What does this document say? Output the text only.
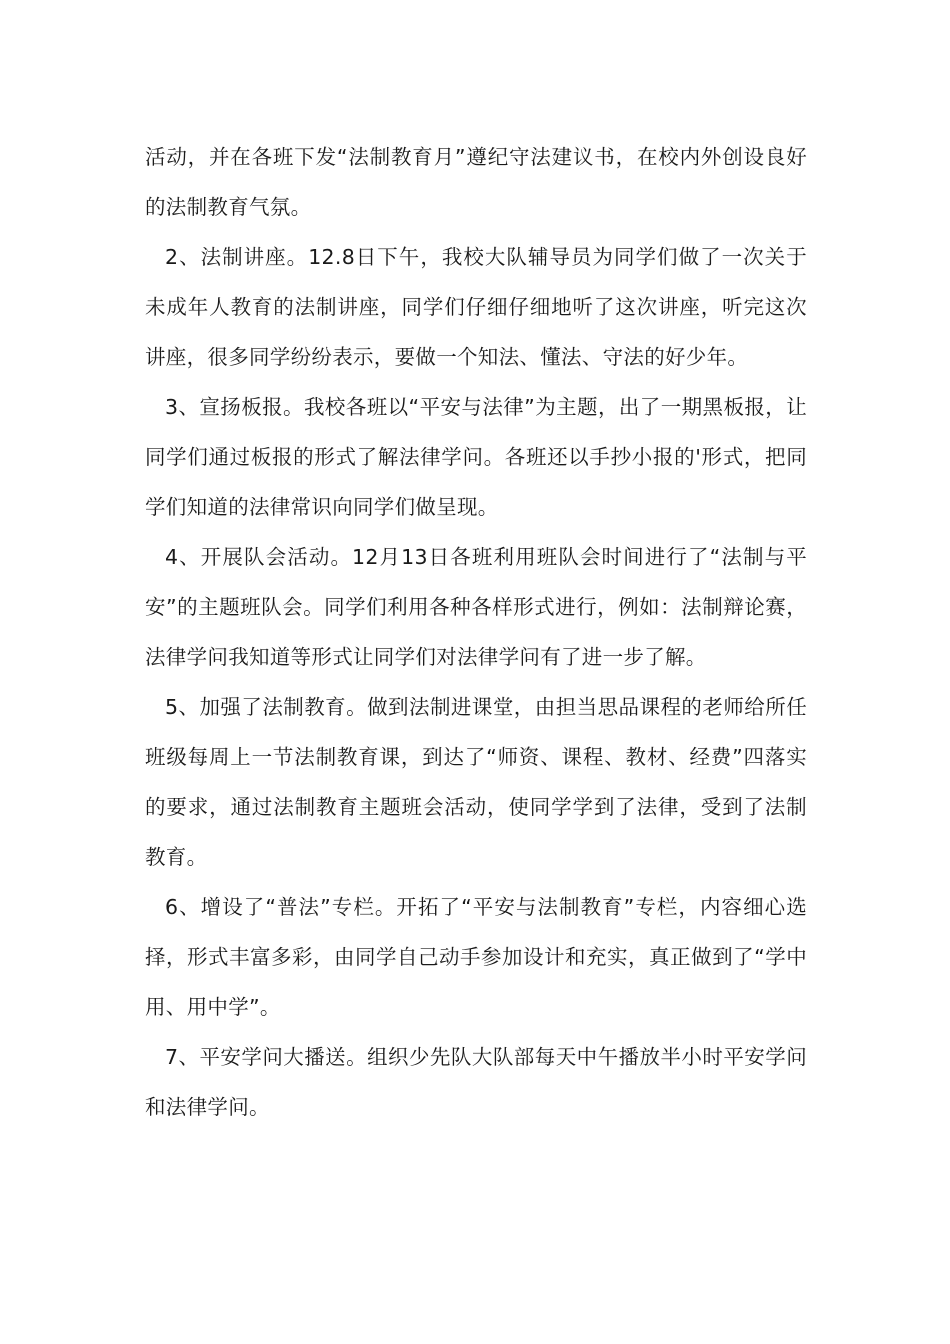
活动，并在各班下发“法制教育月”遵纪守法建议书，在校内外创设良好的法制教育气氛。

2、法制讲座。12.8日下午，我校大队辅导员为同学们做了一次关于未成年人教育的法制讲座，同学们仔细仔细地听了这次讲座，听完这次讲座，很多同学纷纷表示，要做一个知法、懂法、守法的好少年。

3、宣扬板报。我校各班以“平安与法律”为主题，出了一期黑板报，让同学们通过板报的形式了解法律学问。各班还以手抄小报的'形式，把同学们知道的法律常识向同学们做呈现。

4、开展队会活动。12月13日各班利用班队会时间进行了“法制与平安”的主题班队会。同学们利用各种各样形式进行，例如：法制辩论赛，法律学问我知道等形式让同学们对法律学问有了进一步了解。

5、加强了法制教育。做到法制进课堂，由担当思品课程的老师给所任班级每周上一节法制教育课，到达了“师资、课程、教材、经费”四落实的要求，通过法制教育主题班会活动，使同学学到了法律，受到了法制教育。

6、增设了“普法”专栏。开拓了“平安与法制教育”专栏，内容细心选择，形式丰富多彩，由同学自己动手参加设计和充实，真正做到了“学中用、用中学”。

7、平安学问大播送。组织少先队大队部每天中午播放半小时平安学问和法律学问。
